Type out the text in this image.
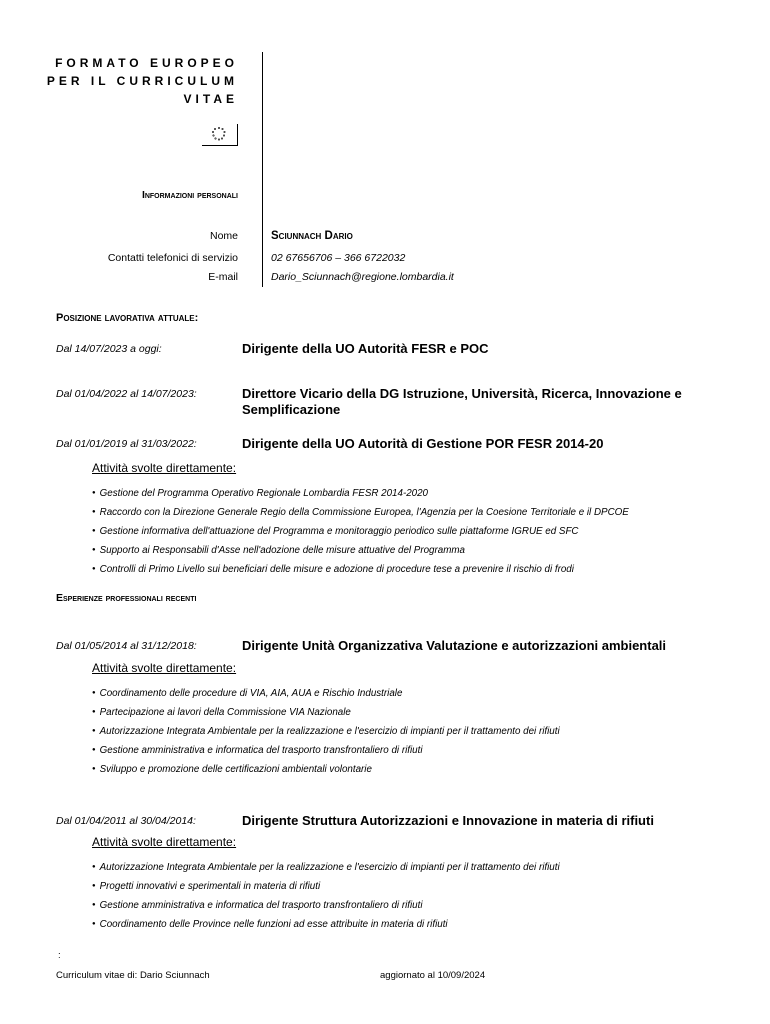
FORMATO EUROPEO
PER IL CURRICULUM
VITAE
Informazioni personali
Nome	Sciunnach Dario
Contatti telefonici di servizio	02 67656706 – 366 6722032
E-mail	Dario_Sciunnach@regione.lombardia.it
Posizione lavorativa attuale:
Dal 14/07/2023 a oggi:	Dirigente della UO Autorità FESR e POC
Dal 01/04/2022 al 14/07/2023:	Direttore Vicario della DG Istruzione, Università, Ricerca, Innovazione e Semplificazione
Dal 01/01/2019 al 31/03/2022:	Dirigente della UO Autorità di Gestione POR FESR 2014-20
Attività svolte direttamente:
● Gestione del Programma Operativo Regionale Lombardia FESR 2014-2020
● Raccordo con la Direzione Generale Regio della Commissione Europea, l'Agenzia per la Coesione Territoriale e il DPCOE
● Gestione informativa dell'attuazione del Programma e monitoraggio periodico sulle piattaforme IGRUE ed SFC
● Supporto ai Responsabili d'Asse nell'adozione delle misure attuative del Programma
● Controlli di Primo Livello sui beneficiari delle misure e adozione di procedure tese a prevenire il rischio di frodi
Esperienze professionali recenti
Dal 01/05/2014 al 31/12/2018:	Dirigente Unità Organizzativa Valutazione e autorizzazioni ambientali
Attività svolte direttamente:
● Coordinamento delle procedure di VIA, AIA, AUA e Rischio Industriale
● Partecipazione ai lavori della Commissione VIA Nazionale
● Autorizzazione Integrata Ambientale per la realizzazione e l'esercizio di impianti per il trattamento dei rifiuti
● Gestione amministrativa e informatica del trasporto transfrontaliero di rifiuti
● Sviluppo e promozione delle certificazioni ambientali volontarie
Dal 01/04/2011 al 30/04/2014:	Dirigente Struttura Autorizzazioni e Innovazione in materia di rifiuti
Attività svolte direttamente:
● Autorizzazione Integrata Ambientale per la realizzazione e l'esercizio di impianti per il trattamento dei rifiuti
● Progetti innovativi e sperimentali in materia di rifiuti
● Gestione amministrativa e informatica del trasporto transfrontaliero di rifiuti
● Coordinamento delle Province nelle funzioni ad esse attribuite in materia di rifiuti
:
Curriculum vitae di: Dario Sciunnach	aggiornato al 10/09/2024
